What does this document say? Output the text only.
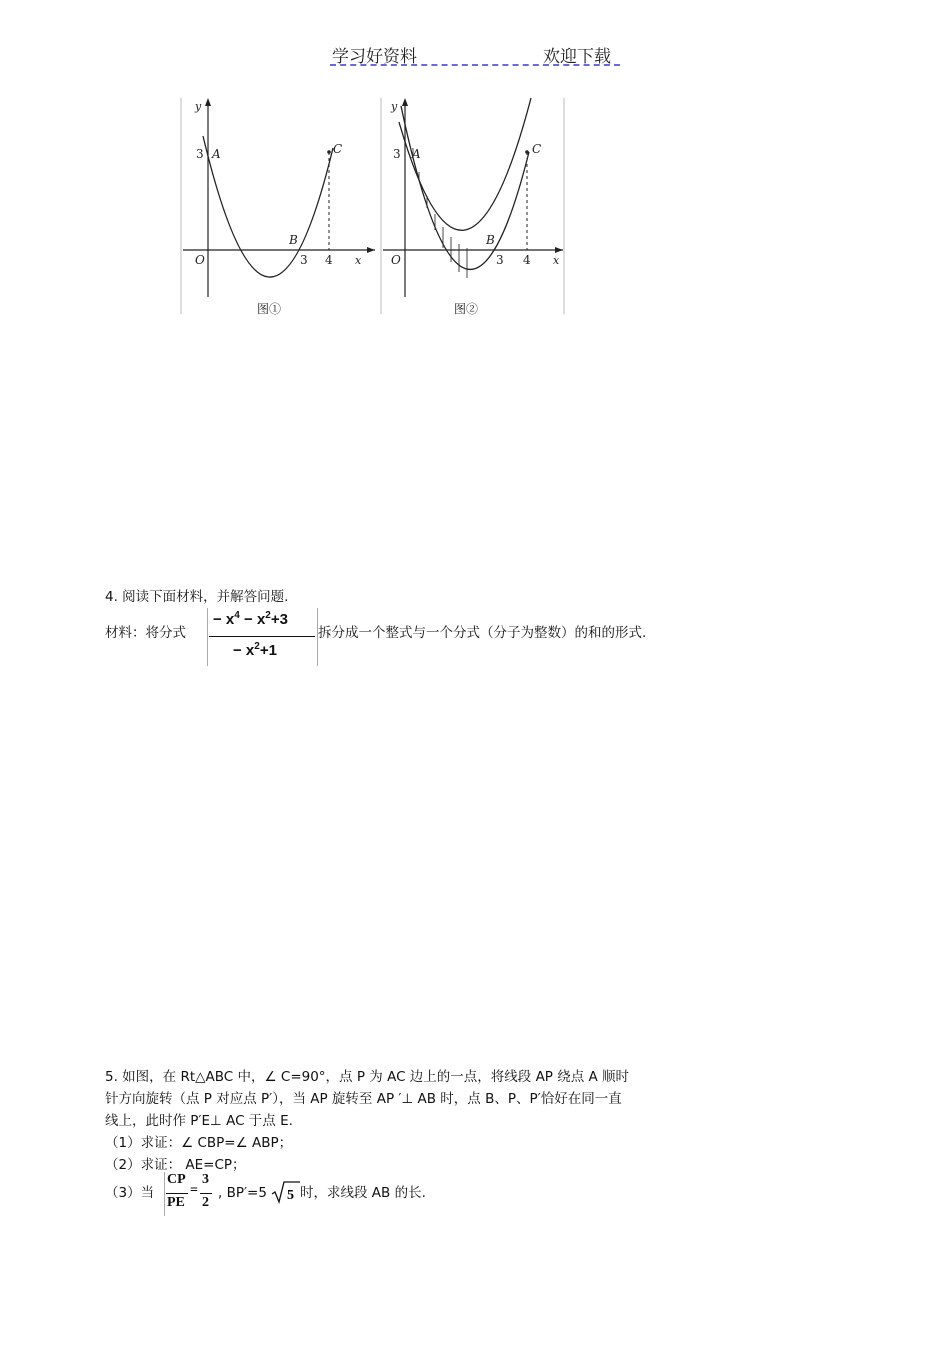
学习好资料	欢迎下载
y
x
O
3 A
B
C
3 4
图①
y
x
O
3 A
B
C
3 4
图②
4. 阅读下面材料，并解答问题.
材料：将分式
− $x^4 - x^2+3$
− $x^2+1$
拆分成一个整式与一个分式（分子为整数）的和的形式.
5. 如图，在 Rt△ABC 中，∠ C=90°，点 P 为 AC 边上的一点，将线段 AP 绕点 A 顺时
针方向旋转（点 P 对应点 P′），当 AP 旋转至 AP ′⊥ AB 时，点 B、P、P′恰好在同一直
线上，此时作 P′E⊥ AC 于点 E.
（1）求证：∠ CBP=∠ ABP；
（2）求证： AE=CP；
（3）当
CP
PE
=
3
2
, BP′=5 5 时，求线段 AB 的长.
